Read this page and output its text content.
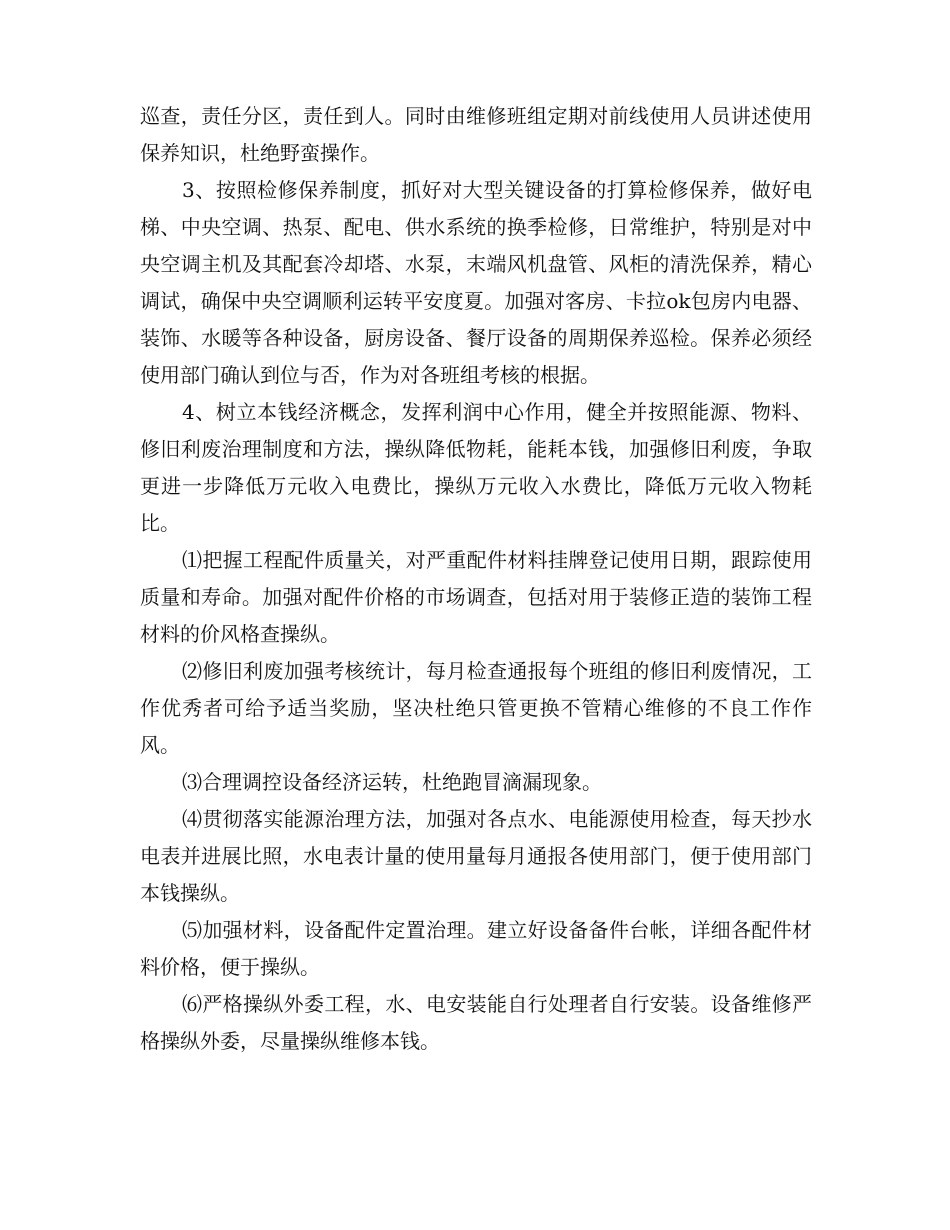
巡查，责任分区，责任到人。同时由维修班组定期对前线使用人员讲述使用保养知识，杜绝野蛮操作。

3、按照检修保养制度，抓好对大型关键设备的打算检修保养，做好电梯、中央空调、热泵、配电、供水系统的换季检修，日常维护，特别是对中央空调主机及其配套冷却塔、水泵，末端风机盘管、风柜的清洗保养，精心调试，确保中央空调顺利运转平安度夏。加强对客房、卡拉ok包房内电器、装饰、水暖等各种设备，厨房设备、餐厅设备的周期保养巡检。保养必须经使用部门确认到位与否，作为对各班组考核的根据。

4、树立本钱经济概念，发挥利润中心作用，健全并按照能源、物料、修旧利废治理制度和方法，操纵降低物耗，能耗本钱，加强修旧利废，争取更进一步降低万元收入电费比，操纵万元收入水费比，降低万元收入物耗比。

⑴把握工程配件质量关，对严重配件材料挂牌登记使用日期，跟踪使用质量和寿命。加强对配件价格的市场调查，包括对用于装修正造的装饰工程材料的价风格查操纵。

⑵修旧利废加强考核统计，每月检查通报每个班组的修旧利废情况，工作优秀者可给予适当奖励，坚决杜绝只管更换不管精心维修的不良工作作风。

⑶合理调控设备经济运转，杜绝跑冒滴漏现象。

⑷贯彻落实能源治理方法，加强对各点水、电能源使用检查，每天抄水电表并进展比照，水电表计量的使用量每月通报各使用部门，便于使用部门本钱操纵。

⑸加强材料，设备配件定置治理。建立好设备备件台帐，详细各配件材料价格，便于操纵。

⑹严格操纵外委工程，水、电安装能自行处理者自行安装。设备维修严格操纵外委，尽量操纵维修本钱。
